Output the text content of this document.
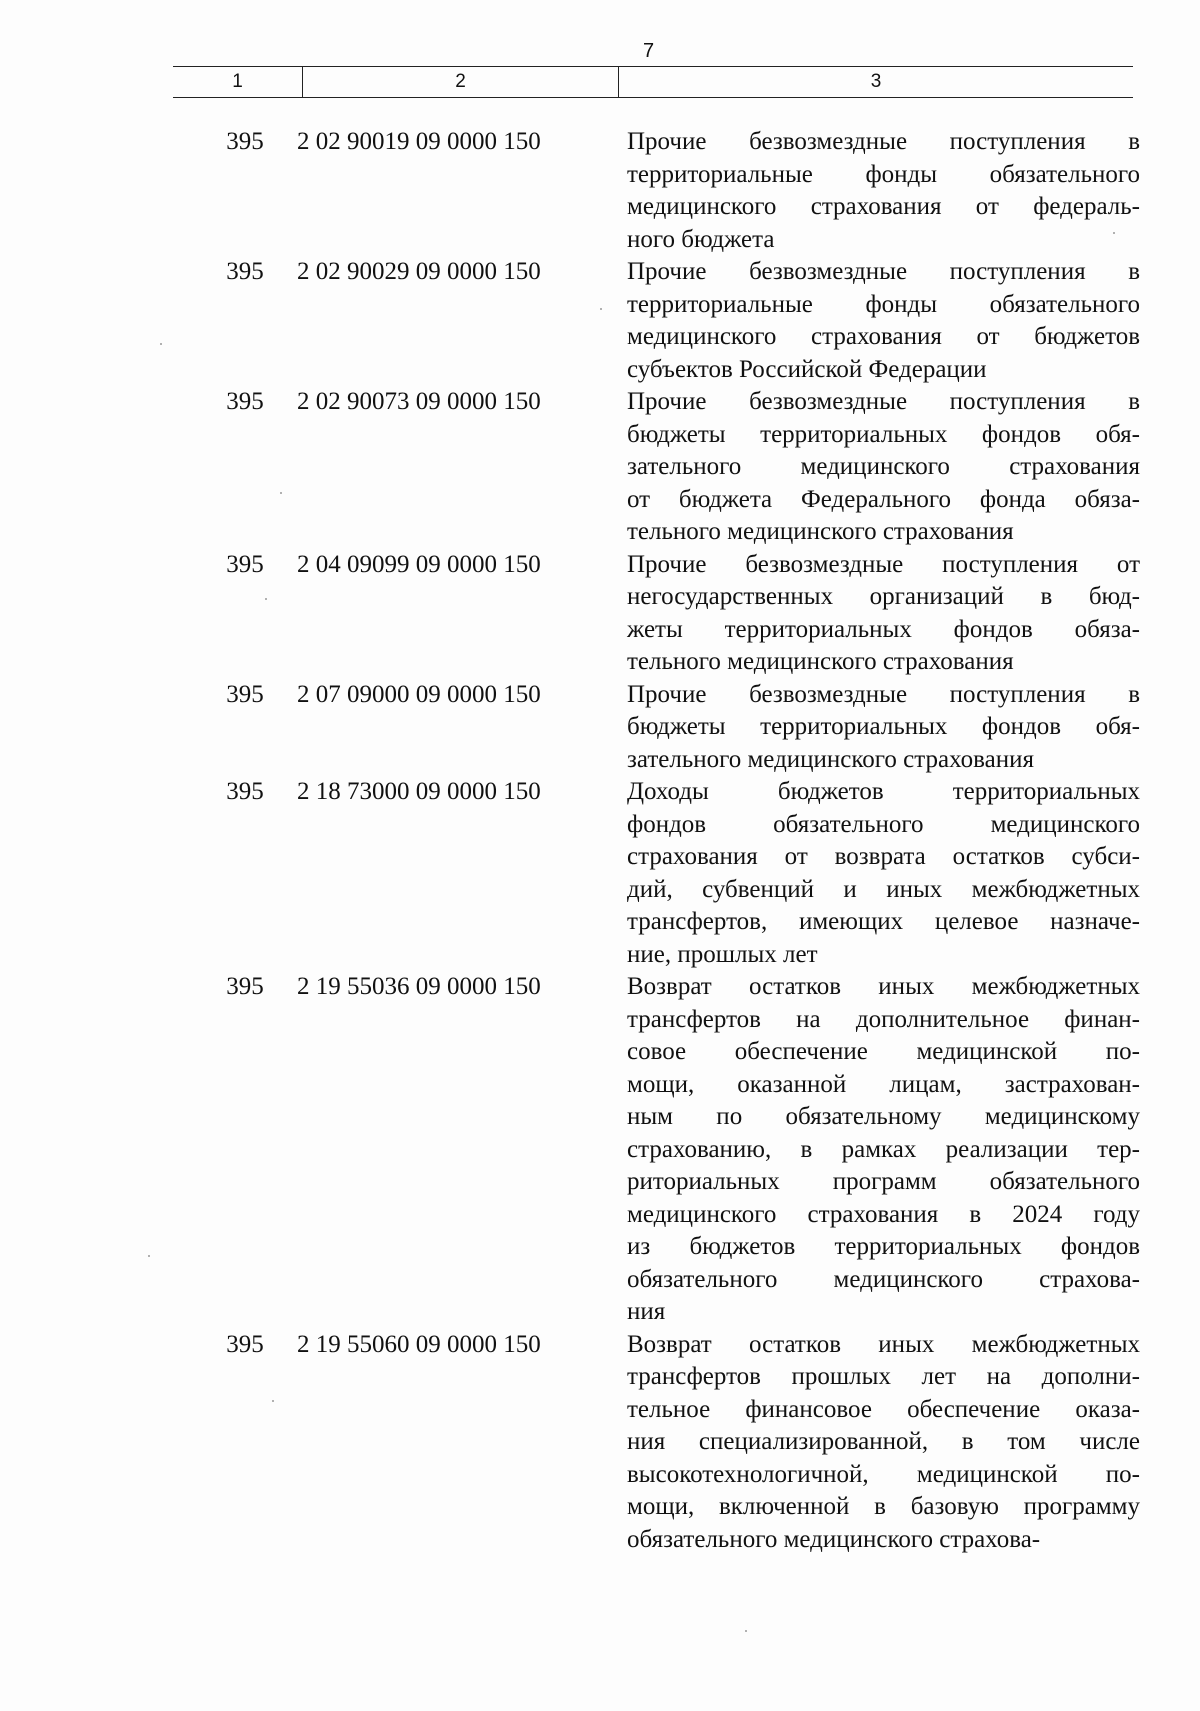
7
1	2	3
395	2 02 90019 09 0000 150	Прочие безвозмездные поступления в
территориальные фонды обязательного
медицинского страхования от федераль-
ного бюджета
395	2 02 90029 09 0000 150	Прочие безвозмездные поступления в
территориальные фонды обязательного
медицинского страхования от бюджетов
субъектов Российской Федерации
395	2 02 90073 09 0000 150	Прочие безвозмездные поступления в
бюджеты территориальных фондов обя-
зательного медицинского страхования
от бюджета Федерального фонда обяза-
тельного медицинского страхования
395	2 04 09099 09 0000 150	Прочие безвозмездные поступления от
негосударственных организаций в бюд-
жеты территориальных фондов обяза-
тельного медицинского страхования
395	2 07 09000 09 0000 150	Прочие безвозмездные поступления в
бюджеты территориальных фондов обя-
зательного медицинского страхования
395	2 18 73000 09 0000 150	Доходы бюджетов территориальных
фондов обязательного медицинского
страхования от возврата остатков субси-
дий, субвенций и иных межбюджетных
трансфертов, имеющих целевое назначе-
ние, прошлых лет
395	2 19 55036 09 0000 150	Возврат остатков иных межбюджетных
трансфертов на дополнительное финан-
совое обеспечение медицинской по-
мощи, оказанной лицам, застрахован-
ным по обязательному медицинскому
страхованию, в рамках реализации тер-
риториальных программ обязательного
медицинского страхования в 2024 году
из бюджетов территориальных фондов
обязательного медицинского страхова-
ния
395	2 19 55060 09 0000 150	Возврат остатков иных межбюджетных
трансфертов прошлых лет на дополни-
тельное финансовое обеспечение оказа-
ния специализированной, в том числе
высокотехнологичной, медицинской по-
мощи, включенной в базовую программу
обязательного медицинского страхова-
